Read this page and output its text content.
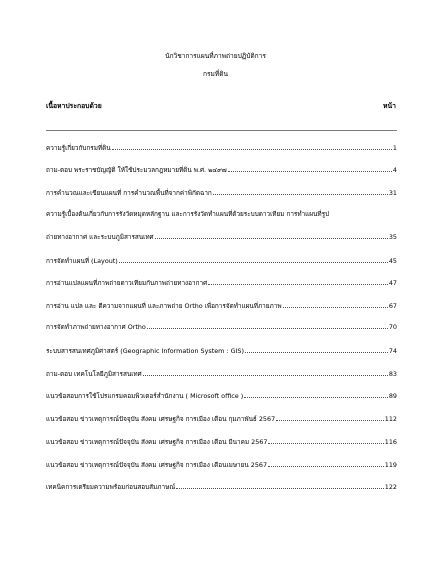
นักวิชาการแผนที่ภาพถ่ายปฏิบัติการ
กรมที่ดิน
เนื้อหาประกอบด้วย	หน้า
ความรู้เกี่ยวกับกรมที่ดิน	1
ถาม-ตอบ พระราชบัญญัติ ให้ใช้ประมวลกฎหมายที่ดิน พ.ศ. ๒๔๙๗	4
การคำนวณและเขียนแผนที่ การคำนวณพื้นที่จากค่าพิกัดฉาก	31
ความรู้เบื้องต้นเกี่ยวกับการรังวัดหมุดหลักฐาน และการรังวัดทำแผนที่ด้วยระบบดาวเทียม การทำแผนที่รูป
ถ่ายทางอากาศ และระบบภูมิสารสนเทศ	35
การจัดทำแผนที่ (Layout)	45
การอ่านแปลแผนที่ภาพถ่ายดาวเทียมกับภาพถ่ายทางอากาศ	47
การอ่าน แปล และ ตีความจากแผนที่ และภาพถ่าย Ortho เพื่อการจัดทำแผนที่ภายภาพ	67
การจัดทำภาพถ่ายทางอากาศ Ortho	70
ระบบสารสนเทศภูมิศาสตร์ (Geographic Information System : GIS)	74
ถาม-ตอบ เทคโนโลยีภูมิสารสนเทศ	83
แนวข้อสอบการใช้โปรแกรมคอมพิวเตอร์สำนักงาน ( Microsoft office )	89
แนวข้อสอบ ข่าวเหตุการณ์ปัจจุบัน สังคม เศรษฐกิจ การเมือง เดือน กุมภาพันธ์ 2567	112
แนวข้อสอบ ข่าวเหตุการณ์ปัจจุบัน สังคม เศรษฐกิจ การเมือง เดือน มีนาคม 2567	116
แนวข้อสอบ ข่าวเหตุการณ์ปัจจุบัน สังคม เศรษฐกิจ การเมือง เดือนเมษายน 2567	119
เทคนิคการเตรียมความพร้อมก่อนสอบสัมภาษณ์	122
